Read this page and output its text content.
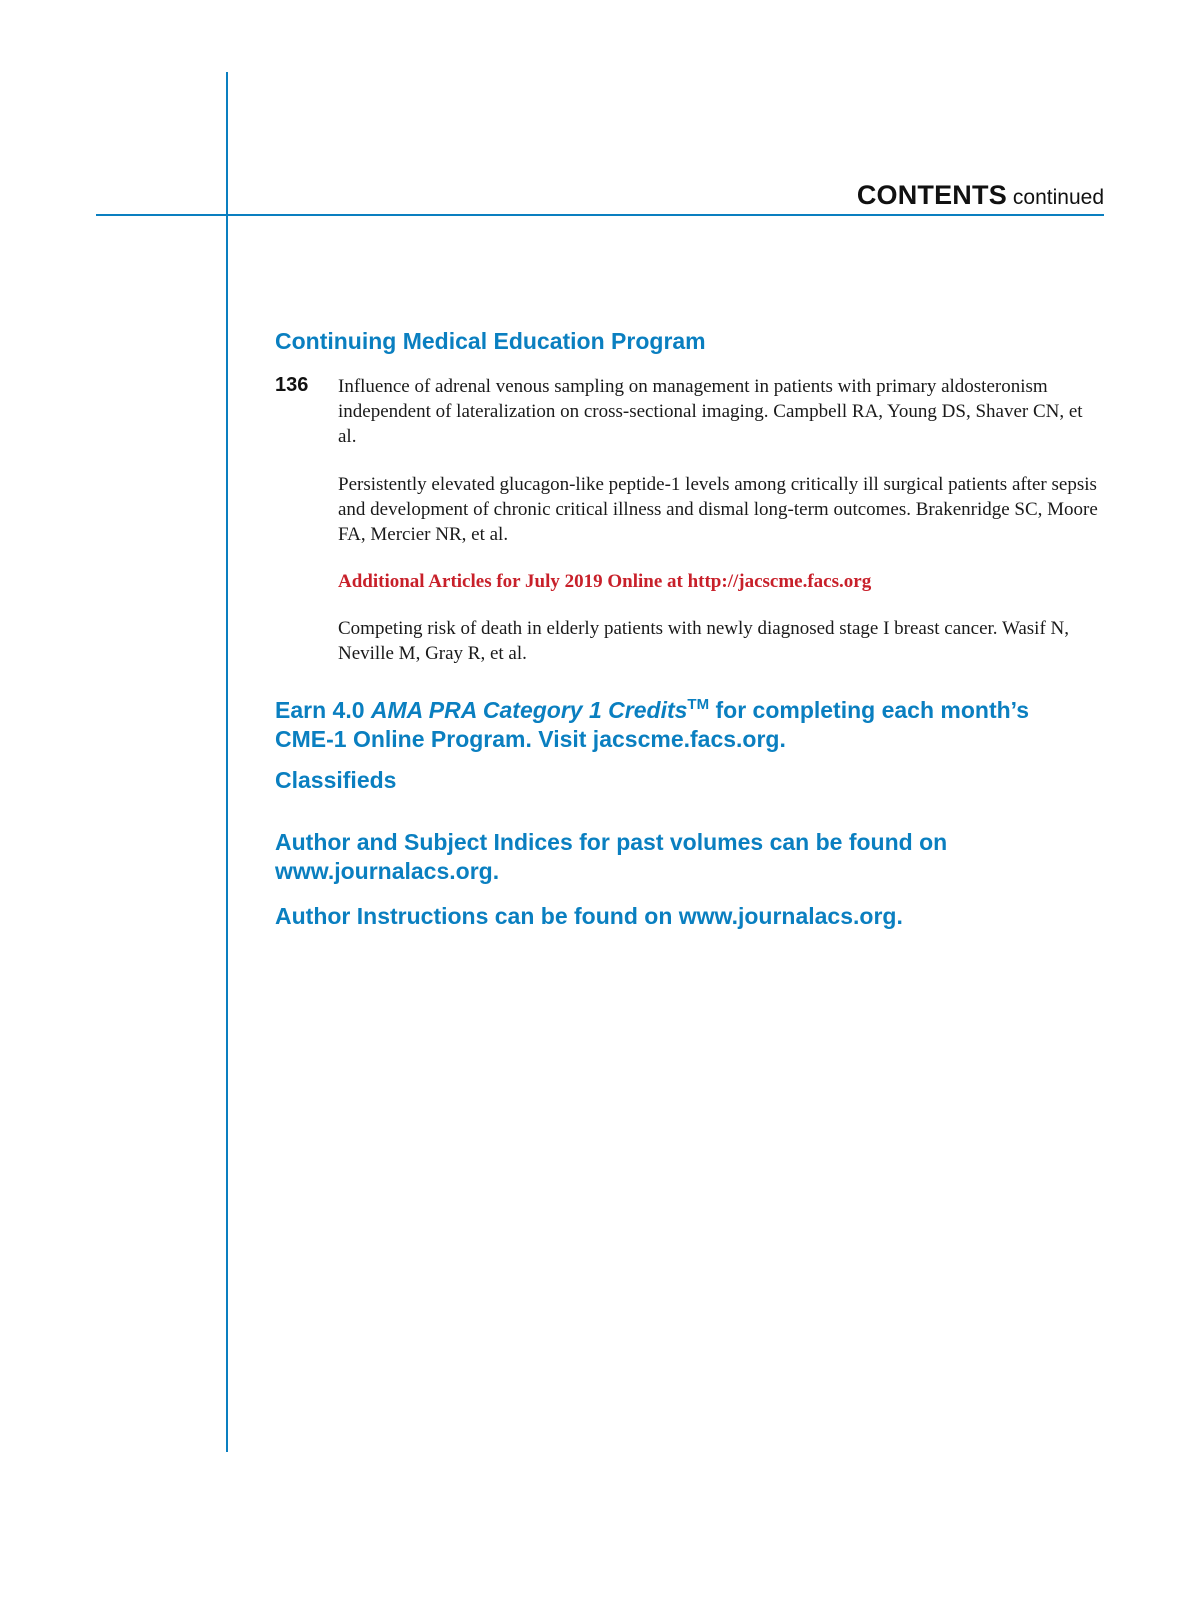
CONTENTS continued
Continuing Medical Education Program
136 Influence of adrenal venous sampling on management in patients with primary aldosteronism independent of lateralization on cross-sectional imaging. Campbell RA, Young DS, Shaver CN, et al.

Persistently elevated glucagon-like peptide-1 levels among critically ill surgical patients after sepsis and development of chronic critical illness and dismal long-term outcomes. Brakenridge SC, Moore FA, Mercier NR, et al.

Additional Articles for July 2019 Online at http://jacscme.facs.org

Competing risk of death in elderly patients with newly diagnosed stage I breast cancer. Wasif N, Neville M, Gray R, et al.

Earn 4.0 AMA PRA Category 1 Credits™ for completing each month’s CME-1 Online Program. Visit jacscme.facs.org.

Classifieds

Author and Subject Indices for past volumes can be found on www.journalacs.org.

Author Instructions can be found on www.journalacs.org.
